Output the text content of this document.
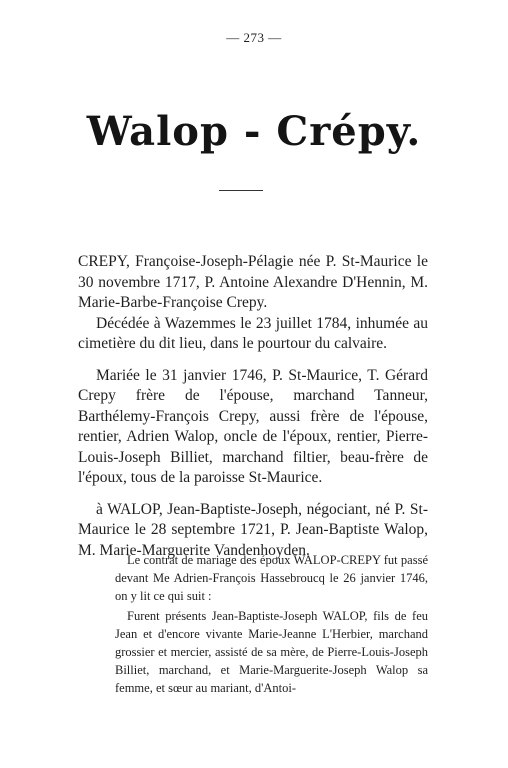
— 273 —
Walop - Crépy.

CREPY, Françoise-Joseph-Pélagie née P. St-Maurice le 30 novembre 1717, P. Antoine Alexandre D'Hennin, M. Marie-Barbe-Françoise Crepy.

Décédée à Wazemmes le 23 juillet 1784, inhumée au cimetière du dit lieu, dans le pourtour du calvaire.

Mariée le 31 janvier 1746, P. St-Maurice, T. Gérard Crepy frère de l'épouse, marchand Tanneur, Barthélemy-François Crepy, aussi frère de l'épouse, rentier, Adrien Walop, oncle de l'époux, rentier, Pierre-Louis-Joseph Billiet, marchand filtier, beau-frère de l'époux, tous de la paroisse St-Maurice.

à WALOP, Jean-Baptiste-Joseph, négociant, né P. St-Maurice le 28 septembre 1721, P. Jean-Baptiste Walop, M. Marie-Marguerite Vandenhoyden.

Le contrat de mariage des époux WALOP-CREPY fut passé devant Me Adrien-François Hassebroucq le 26 janvier 1746, on y lit ce qui suit :

Furent présents Jean-Baptiste-Joseph WALOP, fils de feu Jean et d'encore vivante Marie-Jeanne L'Herbier, marchand grossier et mercier, assisté de sa mère, de Pierre-Louis-Joseph Billiet, marchand, et Marie-Marguerite-Joseph Walop sa femme, et sœur au mariant, d'Antoi-
